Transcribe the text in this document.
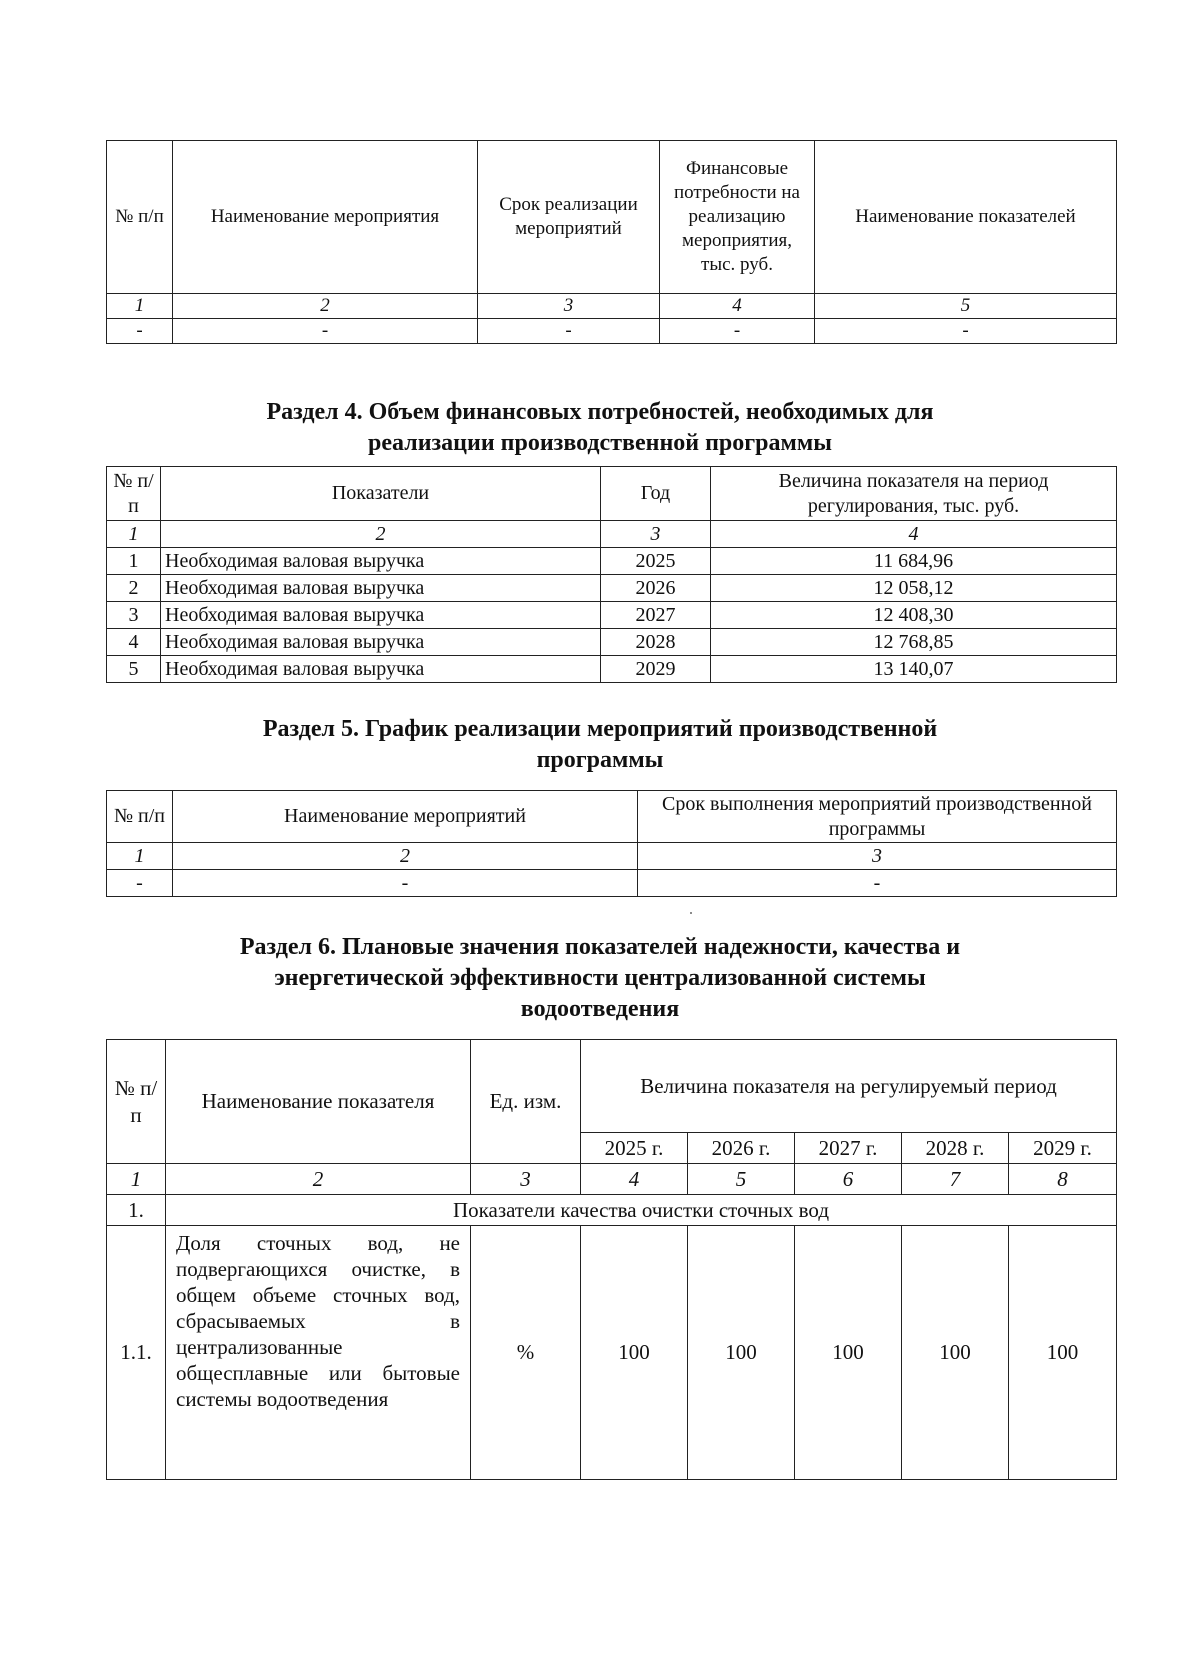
№ п/п	Наименование мероприятия	Срок реализации мероприятий	Финансовые потребности на реализацию мероприятия, тыс. руб.	Наименование показателей
1	2	3	4	5
-	-	-	-	-
Раздел 4. Объем финансовых потребностей, необходимых для
реализации производственной программы
№ п/п	Показатели	Год	Величина показателя на период регулирования, тыс. руб.
1	2	3	4
1	Необходимая валовая выручка	2025	11 684,96
2	Необходимая валовая выручка	2026	12 058,12
3	Необходимая валовая выручка	2027	12 408,30
4	Необходимая валовая выручка	2028	12 768,85
5	Необходимая валовая выручка	2029	13 140,07
Раздел 5. График реализации мероприятий производственной
программы
№ п/п	Наименование мероприятий	Срок выполнения мероприятий производственной программы
1	2	3
-	-	-
Раздел 6. Плановые значения показателей надежности, качества и
энергетической эффективности централизованной системы
водоотведения
№ п/п	Наименование показателя	Ед. изм.	Величина показателя на регулируемый период				
			2025 г.	2026 г.	2027 г.	2028 г.	2029 г.
1	2	3	4	5	6	7	8
1.	Показатели качества очистки сточных вод						
1.1.	Доля сточных вод, не подвергающихся очистке, в общем объеме сточных вод, сбрасываемых в централизованные общесплавные или бытовые системы водоотведения	%	100	100	100	100	100
